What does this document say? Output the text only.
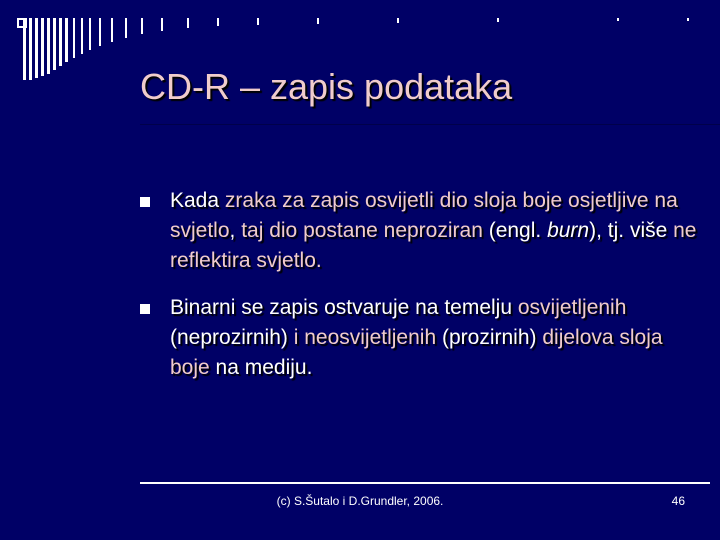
CD-R – zapis podataka
Kada zraka za zapis osvijetli dio sloja boje osjetljive na svjetlo, taj dio postane neproziran (engl. burn), tj. više ne reflektira svjetlo.
Binarni se zapis ostvaruje na temelju osvijetljenih (neprozirnih) i neosvijetljenih (prozirnih) dijelova sloja boje na mediju.
(c) S.Šutalo i D.Grundler, 2006.	46
